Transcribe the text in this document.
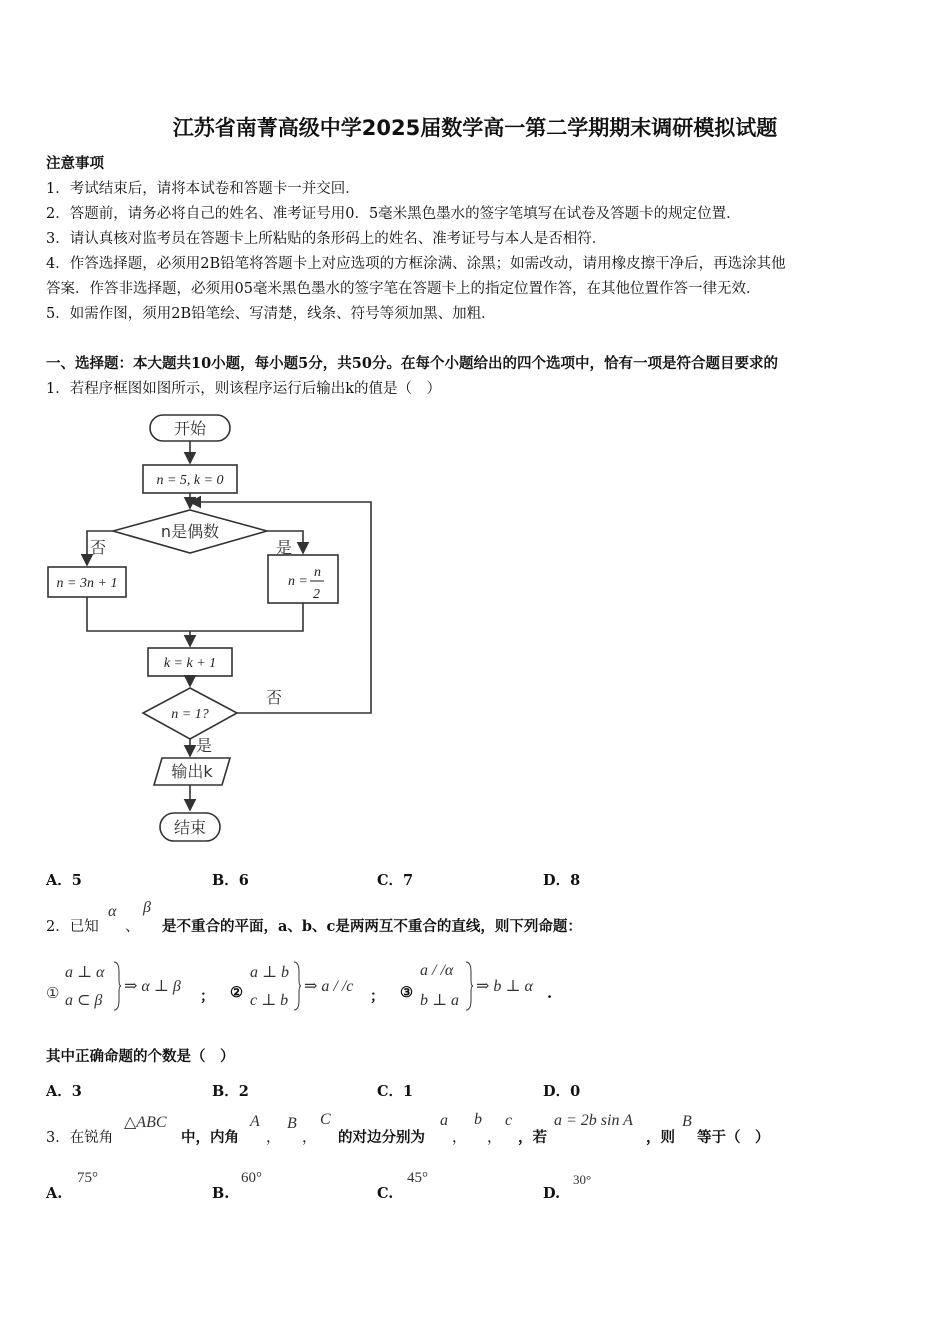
江苏省南菁高级中学2025届数学高一第二学期期末调研模拟试题
注意事项
1．考试结束后，请将本试卷和答题卡一并交回．
2．答题前，请务必将自己的姓名、准考证号用0．5毫米黑色墨水的签字笔填写在试卷及答题卡的规定位置．
3．请认真核对监考员在答题卡上所粘贴的条形码上的姓名、准考证号与本人是否相符．
4．作答选择题，必须用2B铅笔将答题卡上对应选项的方框涂满、涂黑；如需改动，请用橡皮擦干净后，再选涂其他
答案．作答非选择题，必须用05毫米黑色墨水的签字笔在答题卡上的指定位置作答，在其他位置作答一律无效．
5．如需作图，须用2B铅笔绘、写清楚，线条、符号等须加黑、加粗．
一、选择题：本大题共10小题，每小题5分，共50分。在每个小题给出的四个选项中，恰有一项是符合题目要求的
1．若程序框图如图所示，则该程序运行后输出k的值是（　）
开始
n = 5, k = 0
n是偶数
否	是
n = 3n + 1	n =
n
2
k = k + 1
n = 1?
否
是
输出k
结束
A．5	B．6	C．7	D．8
2．已知
α
、
β
是不重合的平面，a、b、c是两两互不重合的直线，则下列命题：
①
a ⊥ α
a ⊂ β
⇒ α ⊥ β
； ②
a ⊥ b
c ⊥ b
⇒ a / /c
； ③
a / /α
b ⊥ a
⇒ b ⊥ α .
其中正确命题的个数是（　）
A．3	B．2	C．1	D．0
3．在锐角
△ABC
中，内角
A
，
B
，
C
的对边分别为
a
，
b
，
c
，若
a = 2b sin A
，则
B
等于（　）
A.
75°
B.
60°
C.
45°
D.
30°
